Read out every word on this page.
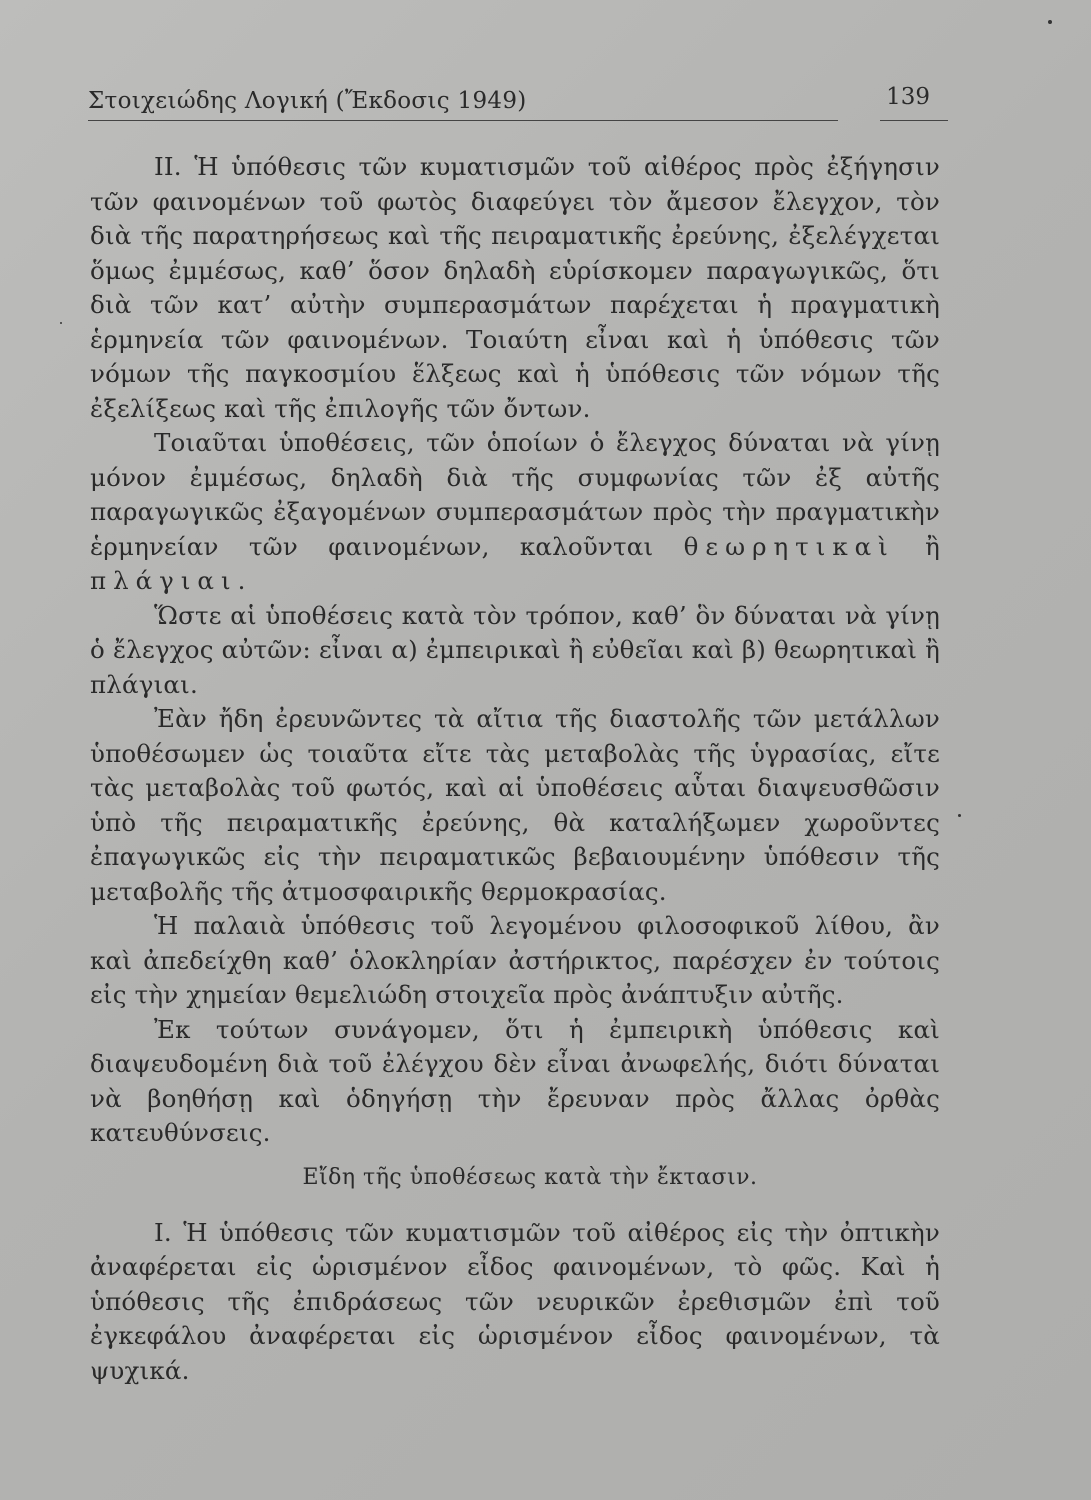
Στοιχειώδης Λογική (Ἔκδοσις 1949)	139

ΙΙ. Ἡ ὑπόθεσις τῶν κυματισμῶν τοῦ αἰθέρος πρὸς ἐξήγησιν τῶν φαινομένων τοῦ φωτὸς διαφεύγει τὸν ἄμεσον ἔλεγχον, τὸν διὰ τῆς παρατηρήσεως καὶ τῆς πειραματικῆς ἐρεύνης, ἐξελέγχεται ὅμως ἐμμέσως, καθ’ ὅσον δηλαδὴ εὑρίσκομεν παραγωγικῶς, ὅτι διὰ τῶν κατ’ αὐτὴν συμπερασμάτων παρέχεται ἡ πραγματικὴ ἑρμηνεία τῶν φαινομένων. Τοιαύτη εἶναι καὶ ἡ ὑπόθεσις τῶν νόμων τῆς παγκοσμίου ἕλξεως καὶ ἡ ὑπόθεσις τῶν νόμων τῆς ἐξελίξεως καὶ τῆς ἐπιλογῆς τῶν ὄντων.

Τοιαῦται ὑποθέσεις, τῶν ὁποίων ὁ ἔλεγχος δύναται νὰ γίνῃ μόνον ἐμμέσως, δηλαδὴ διὰ τῆς συμφωνίας τῶν ἐξ αὐτῆς παραγωγικῶς ἐξαγομένων συμπερασμάτων πρὸς τὴν πραγματικὴν ἑρμηνείαν τῶν φαινομένων, καλοῦνται θεωρητικαὶ ἢ πλάγιαι.

Ὥστε αἱ ὑποθέσεις κατὰ τὸν τρόπον, καθ’ ὃν δύναται νὰ γίνῃ ὁ ἔλεγχος αὐτῶν: εἶναι α) ἐμπειρικαὶ ἢ εὐθεῖαι καὶ β) θεωρητικαὶ ἢ πλάγιαι.

Ἐὰν ἤδη ἐρευνῶντες τὰ αἴτια τῆς διαστολῆς τῶν μετάλλων ὑποθέσωμεν ὡς τοιαῦτα εἴτε τὰς μεταβολὰς τῆς ὑγρασίας, εἴτε τὰς μεταβολὰς τοῦ φωτός, καὶ αἱ ὑποθέσεις αὗται διαψευσθῶσιν ὑπὸ τῆς πειραματικῆς ἐρεύνης, θὰ καταλήξωμεν χωροῦντες ἐπαγωγικῶς εἰς τὴν πειραματικῶς βεβαιουμένην ὑπόθεσιν τῆς μεταβολῆς τῆς ἀτμοσφαιρικῆς θερμοκρασίας.

Ἡ παλαιὰ ὑπόθεσις τοῦ λεγομένου φιλοσοφικοῦ λίθου, ἂν καὶ ἀπεδείχθη καθ’ ὁλοκληρίαν ἀστήρικτος, παρέσχεν ἐν τούτοις εἰς τὴν χημείαν θεμελιώδη στοιχεῖα πρὸς ἀνάπτυξιν αὐτῆς.

Ἐκ τούτων συνάγομεν, ὅτι ἡ ἐμπειρικὴ ὑπόθεσις καὶ διαψευδομένη διὰ τοῦ ἐλέγχου δὲν εἶναι ἀνωφελής, διότι δύναται νὰ βοηθήσῃ καὶ ὁδηγήσῃ τὴν ἔρευναν πρὸς ἄλλας ὀρθὰς κατευθύνσεις.

Εἴδη τῆς ὑποθέσεως κατὰ τὴν ἔκτασιν.

Ι. Ἡ ὑπόθεσις τῶν κυματισμῶν τοῦ αἰθέρος εἰς τὴν ὀπτικὴν ἀναφέρεται εἰς ὡρισμένον εἶδος φαινομένων, τὸ φῶς. Καὶ ἡ ὑπόθεσις τῆς ἐπιδράσεως τῶν νευρικῶν ἐρεθισμῶν ἐπὶ τοῦ ἐγκεφάλου ἀναφέρεται εἰς ὡρισμένον εἶδος φαινομένων, τὰ ψυχικά.
